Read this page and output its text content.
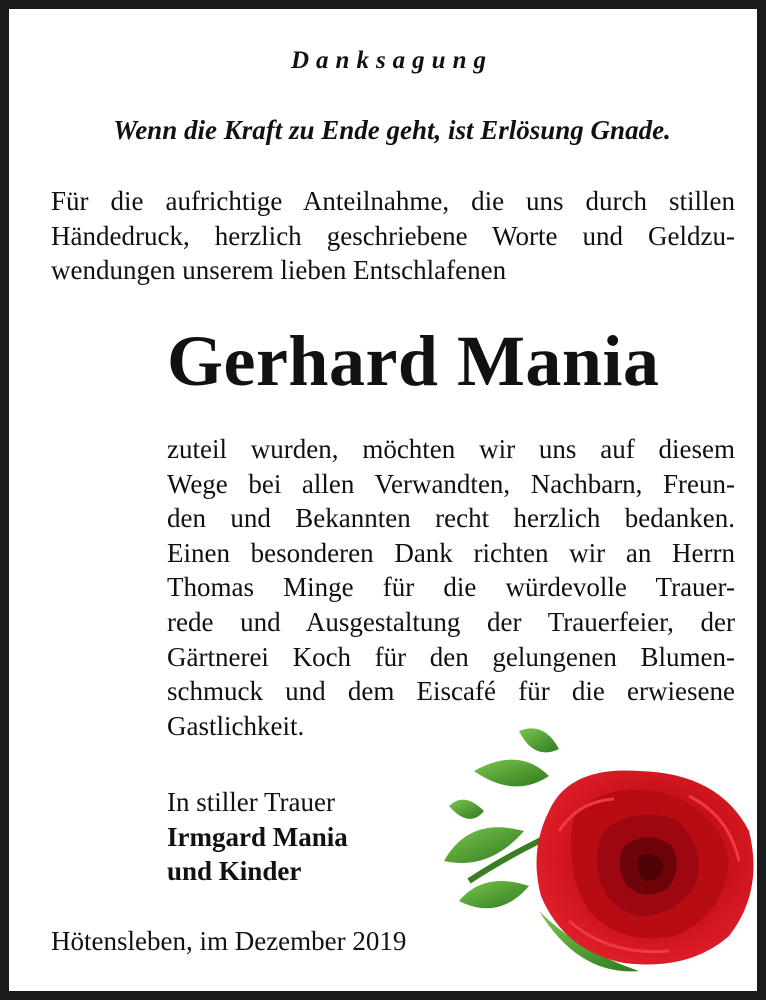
Danksagung
Wenn die Kraft zu Ende geht, ist Erlösung Gnade.
Für die aufrichtige Anteilnahme, die uns durch stillen
Händedruck, herzlich geschriebene Worte und Geldzu-
wendungen unserem lieben Entschlafenen
Gerhard Mania
zuteil wurden, möchten wir uns auf diesem
Wege bei allen Verwandten, Nachbarn, Freun-
den und Bekannten recht herzlich bedanken.
Einen besonderen Dank richten wir an Herrn
Thomas Minge für die würdevolle Trauer-
rede und Ausgestaltung der Trauerfeier, der
Gärtnerei Koch für den gelungenen Blumen-
schmuck und dem Eiscafé für die erwiesene
Gastlichkeit.
In stiller Trauer
Irmgard Mania
und Kinder
Hötensleben, im Dezember 2019
